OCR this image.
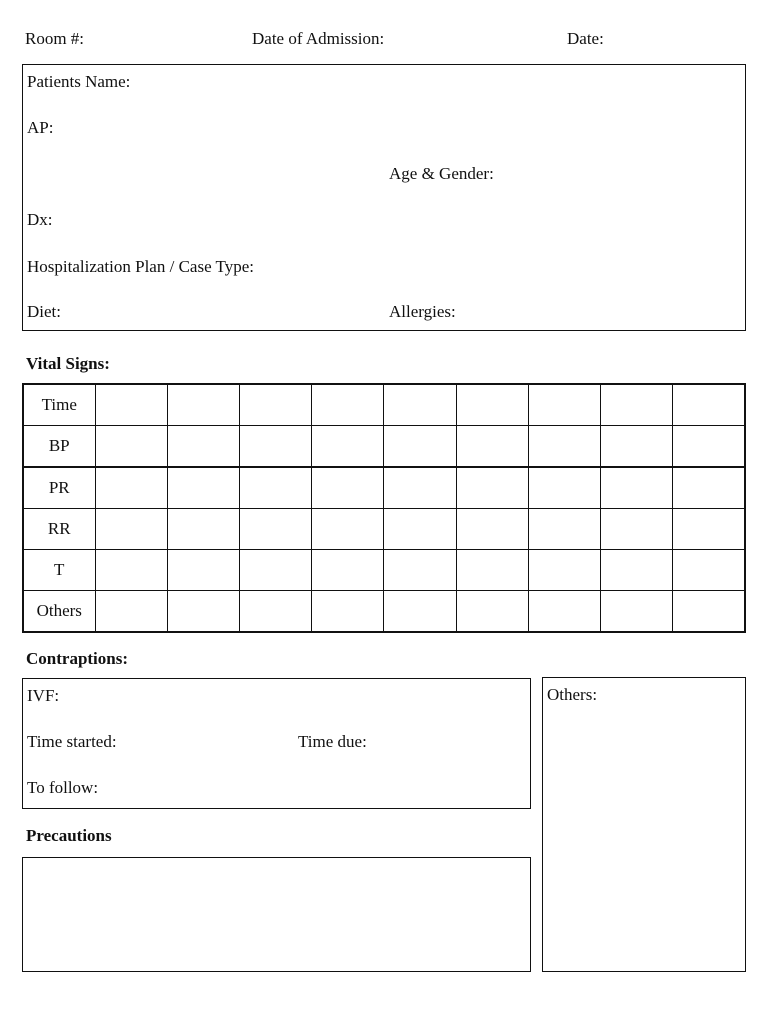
Room #:	Date of Admission:	Date:
Patients Name:
AP:
Age & Gender:
Dx:
Hospitalization Plan / Case Type:
Diet:	Allergies:
Vital Signs:
Time									
BP									
PR									
RR									
T									
Others									
Contraptions:
IVF:
Time started:	Time due:
To follow:
Others:
Precautions
